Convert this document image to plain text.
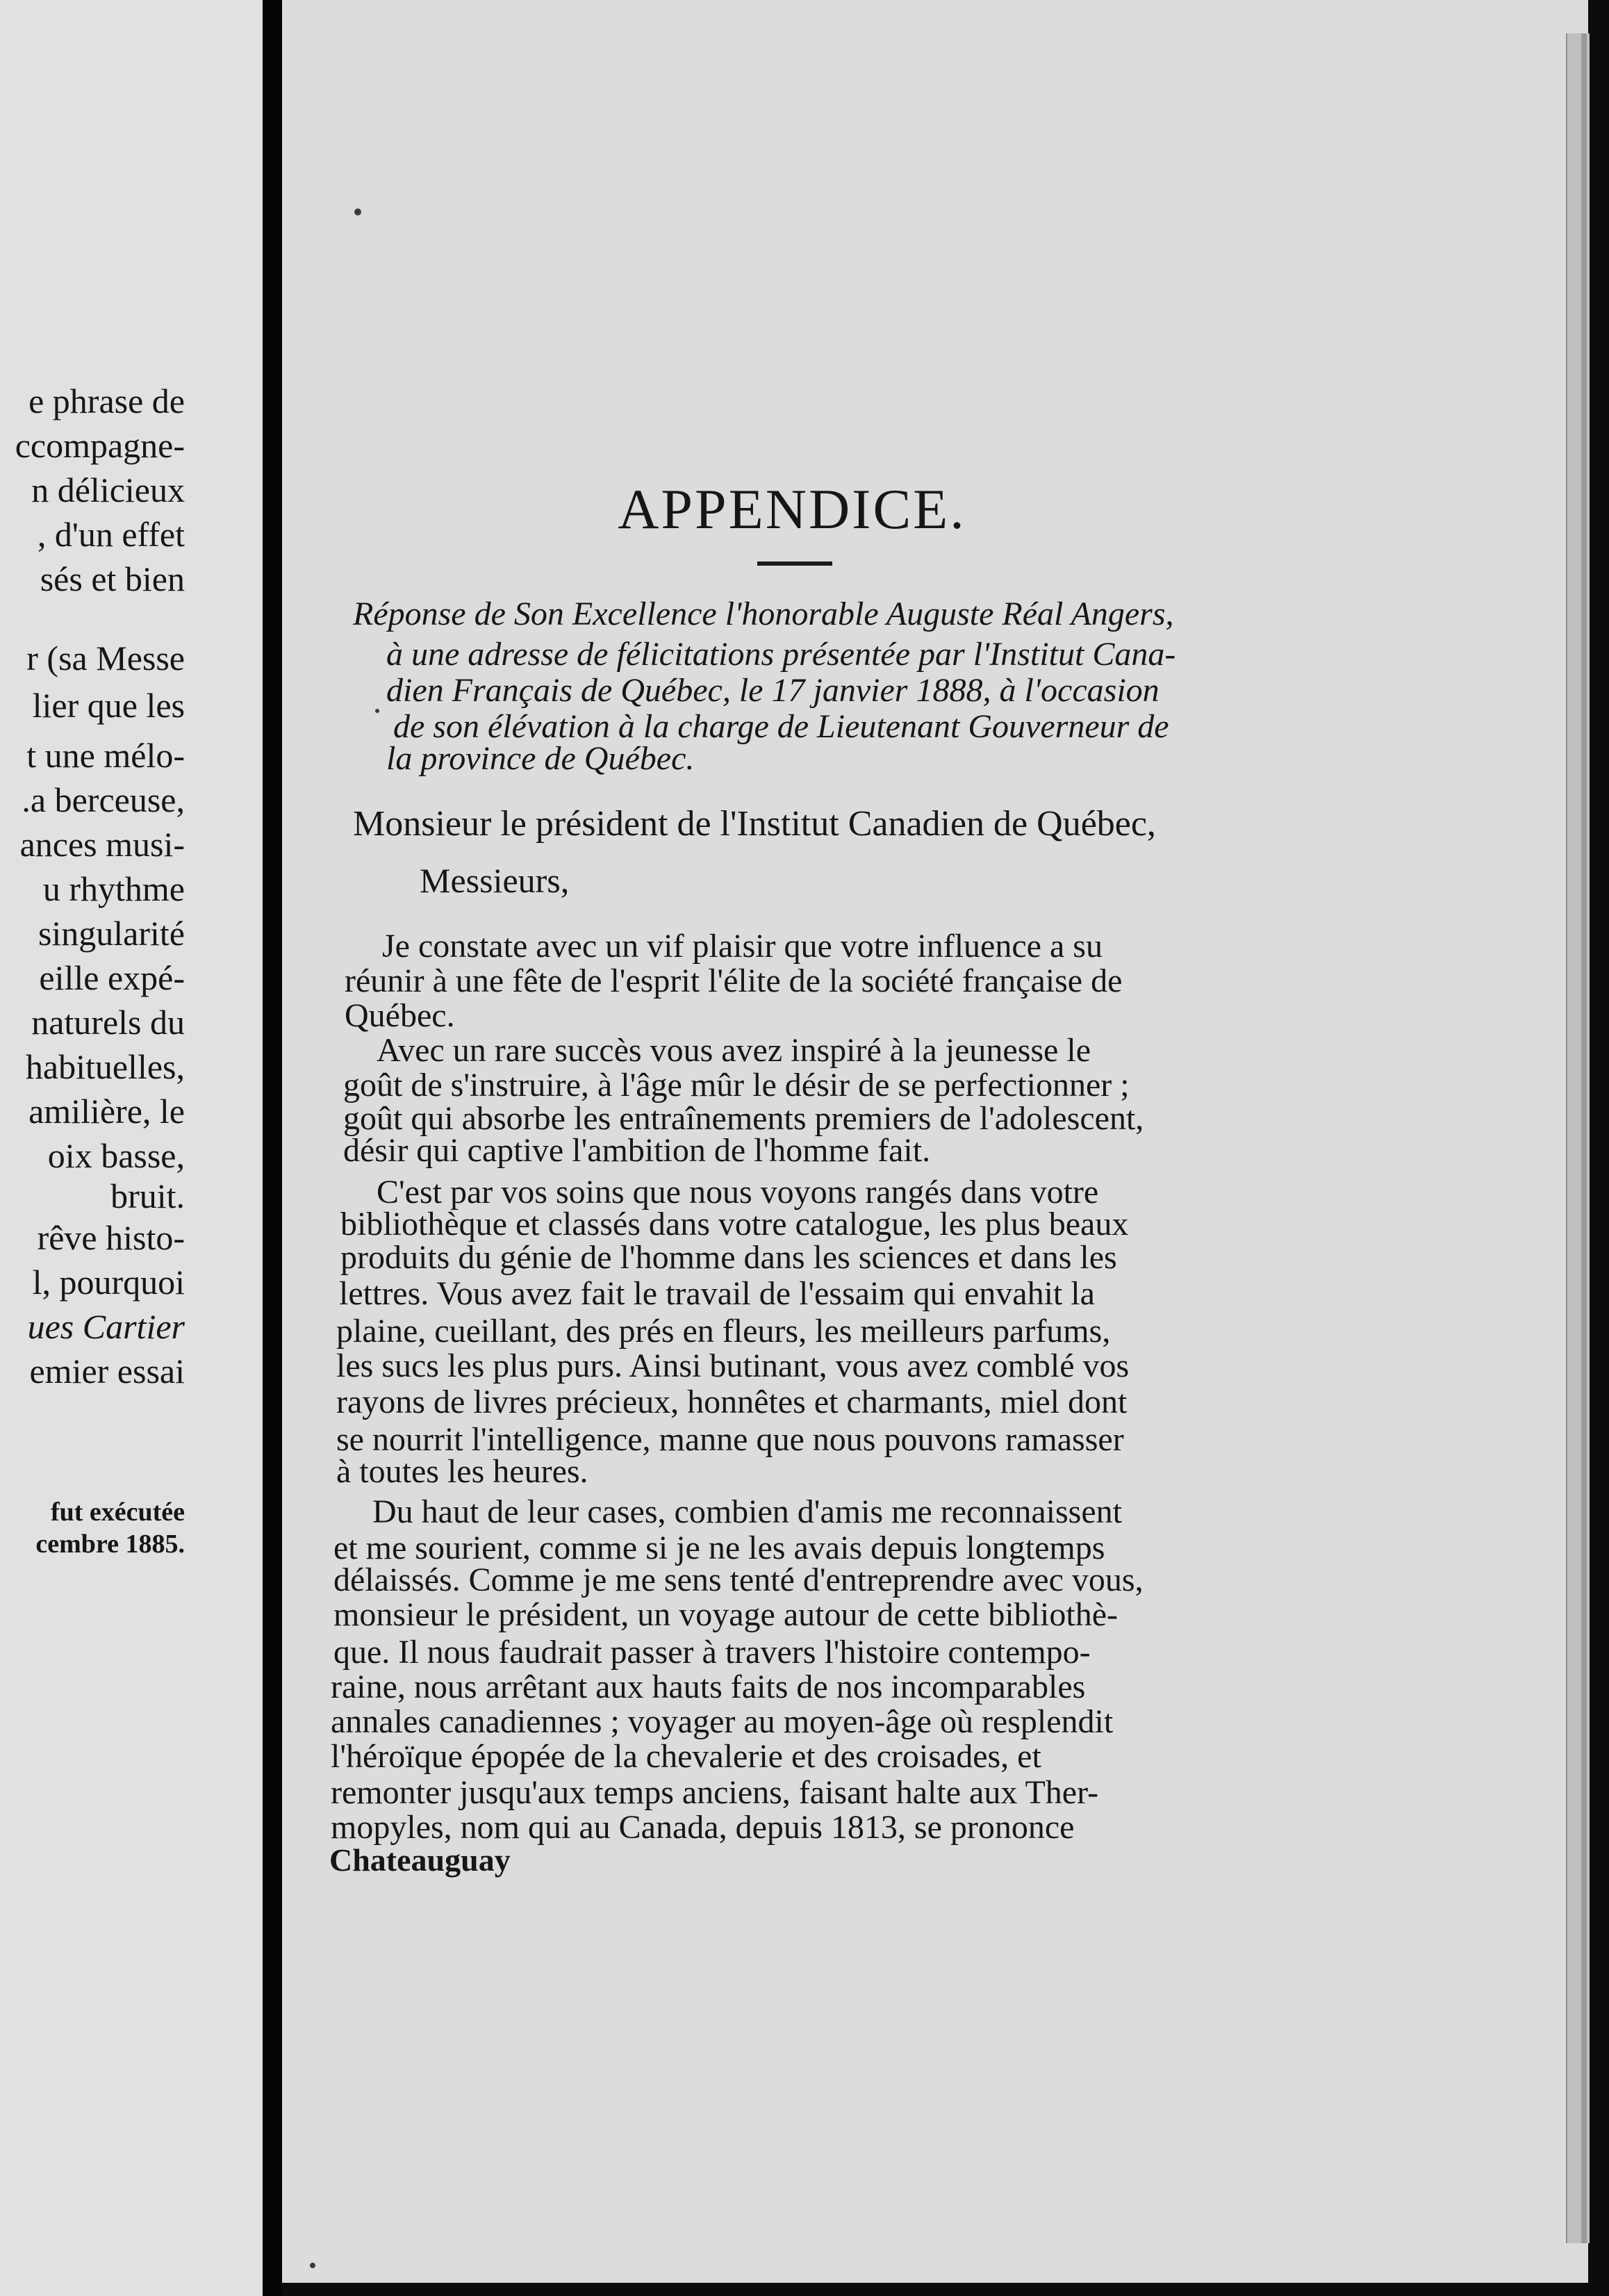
e phrase de
ccompagne-
n délicieux
, d'un effet
sés et bien
r (sa Messe
lier que les
t une mélo-
.a berceuse,
ances musi-
u rhythme
singularité
eille expé-
naturels du
habituelles,
amilière, le
oix basse,
bruit.
rêve histo-
l, pourquoi
ues Cartier
emier essai
fut exécutée
cembre 1885.
APPENDICE.
Réponse de Son Excellence l'honorable Auguste Réal Angers,
à une adresse de félicitations présentée par l'Institut Cana-
dien Français de Québec, le 17 janvier 1888, à l'occasion
de son élévation à la charge de Lieutenant Gouverneur de
la province de Québec.
Monsieur le président de l'Institut Canadien de Québec,
Messieurs,
Je constate avec un vif plaisir que votre influence a su
réunir à une fête de l'esprit l'élite de la société française de
Québec.
Avec un rare succès vous avez inspiré à la jeunesse le
goût de s'instruire, à l'âge mûr le désir de se perfectionner ;
goût qui absorbe les entraînements premiers de l'adolescent,
désir qui captive l'ambition de l'homme fait.
C'est par vos soins que nous voyons rangés dans votre
bibliothèque et classés dans votre catalogue, les plus beaux
produits du génie de l'homme dans les sciences et dans les
lettres. Vous avez fait le travail de l'essaim qui envahit la
plaine, cueillant, des prés en fleurs, les meilleurs parfums,
les sucs les plus purs. Ainsi butinant, vous avez comblé vos
rayons de livres précieux, honnêtes et charmants, miel dont
se nourrit l'intelligence, manne que nous pouvons ramasser
à toutes les heures.
Du haut de leur cases, combien d'amis me reconnaissent
et me sourient, comme si je ne les avais depuis longtemps
délaissés. Comme je me sens tenté d'entreprendre avec vous,
monsieur le président, un voyage autour de cette bibliothè-
que. Il nous faudrait passer à travers l'histoire contempo-
raine, nous arrêtant aux hauts faits de nos incomparables
annales canadiennes ; voyager au moyen-âge où resplendit
l'héroïque épopée de la chevalerie et des croisades, et
remonter jusqu'aux temps anciens, faisant halte aux Ther-
mopyles, nom qui au Canada, depuis 1813, se prononce
Chateauguay
